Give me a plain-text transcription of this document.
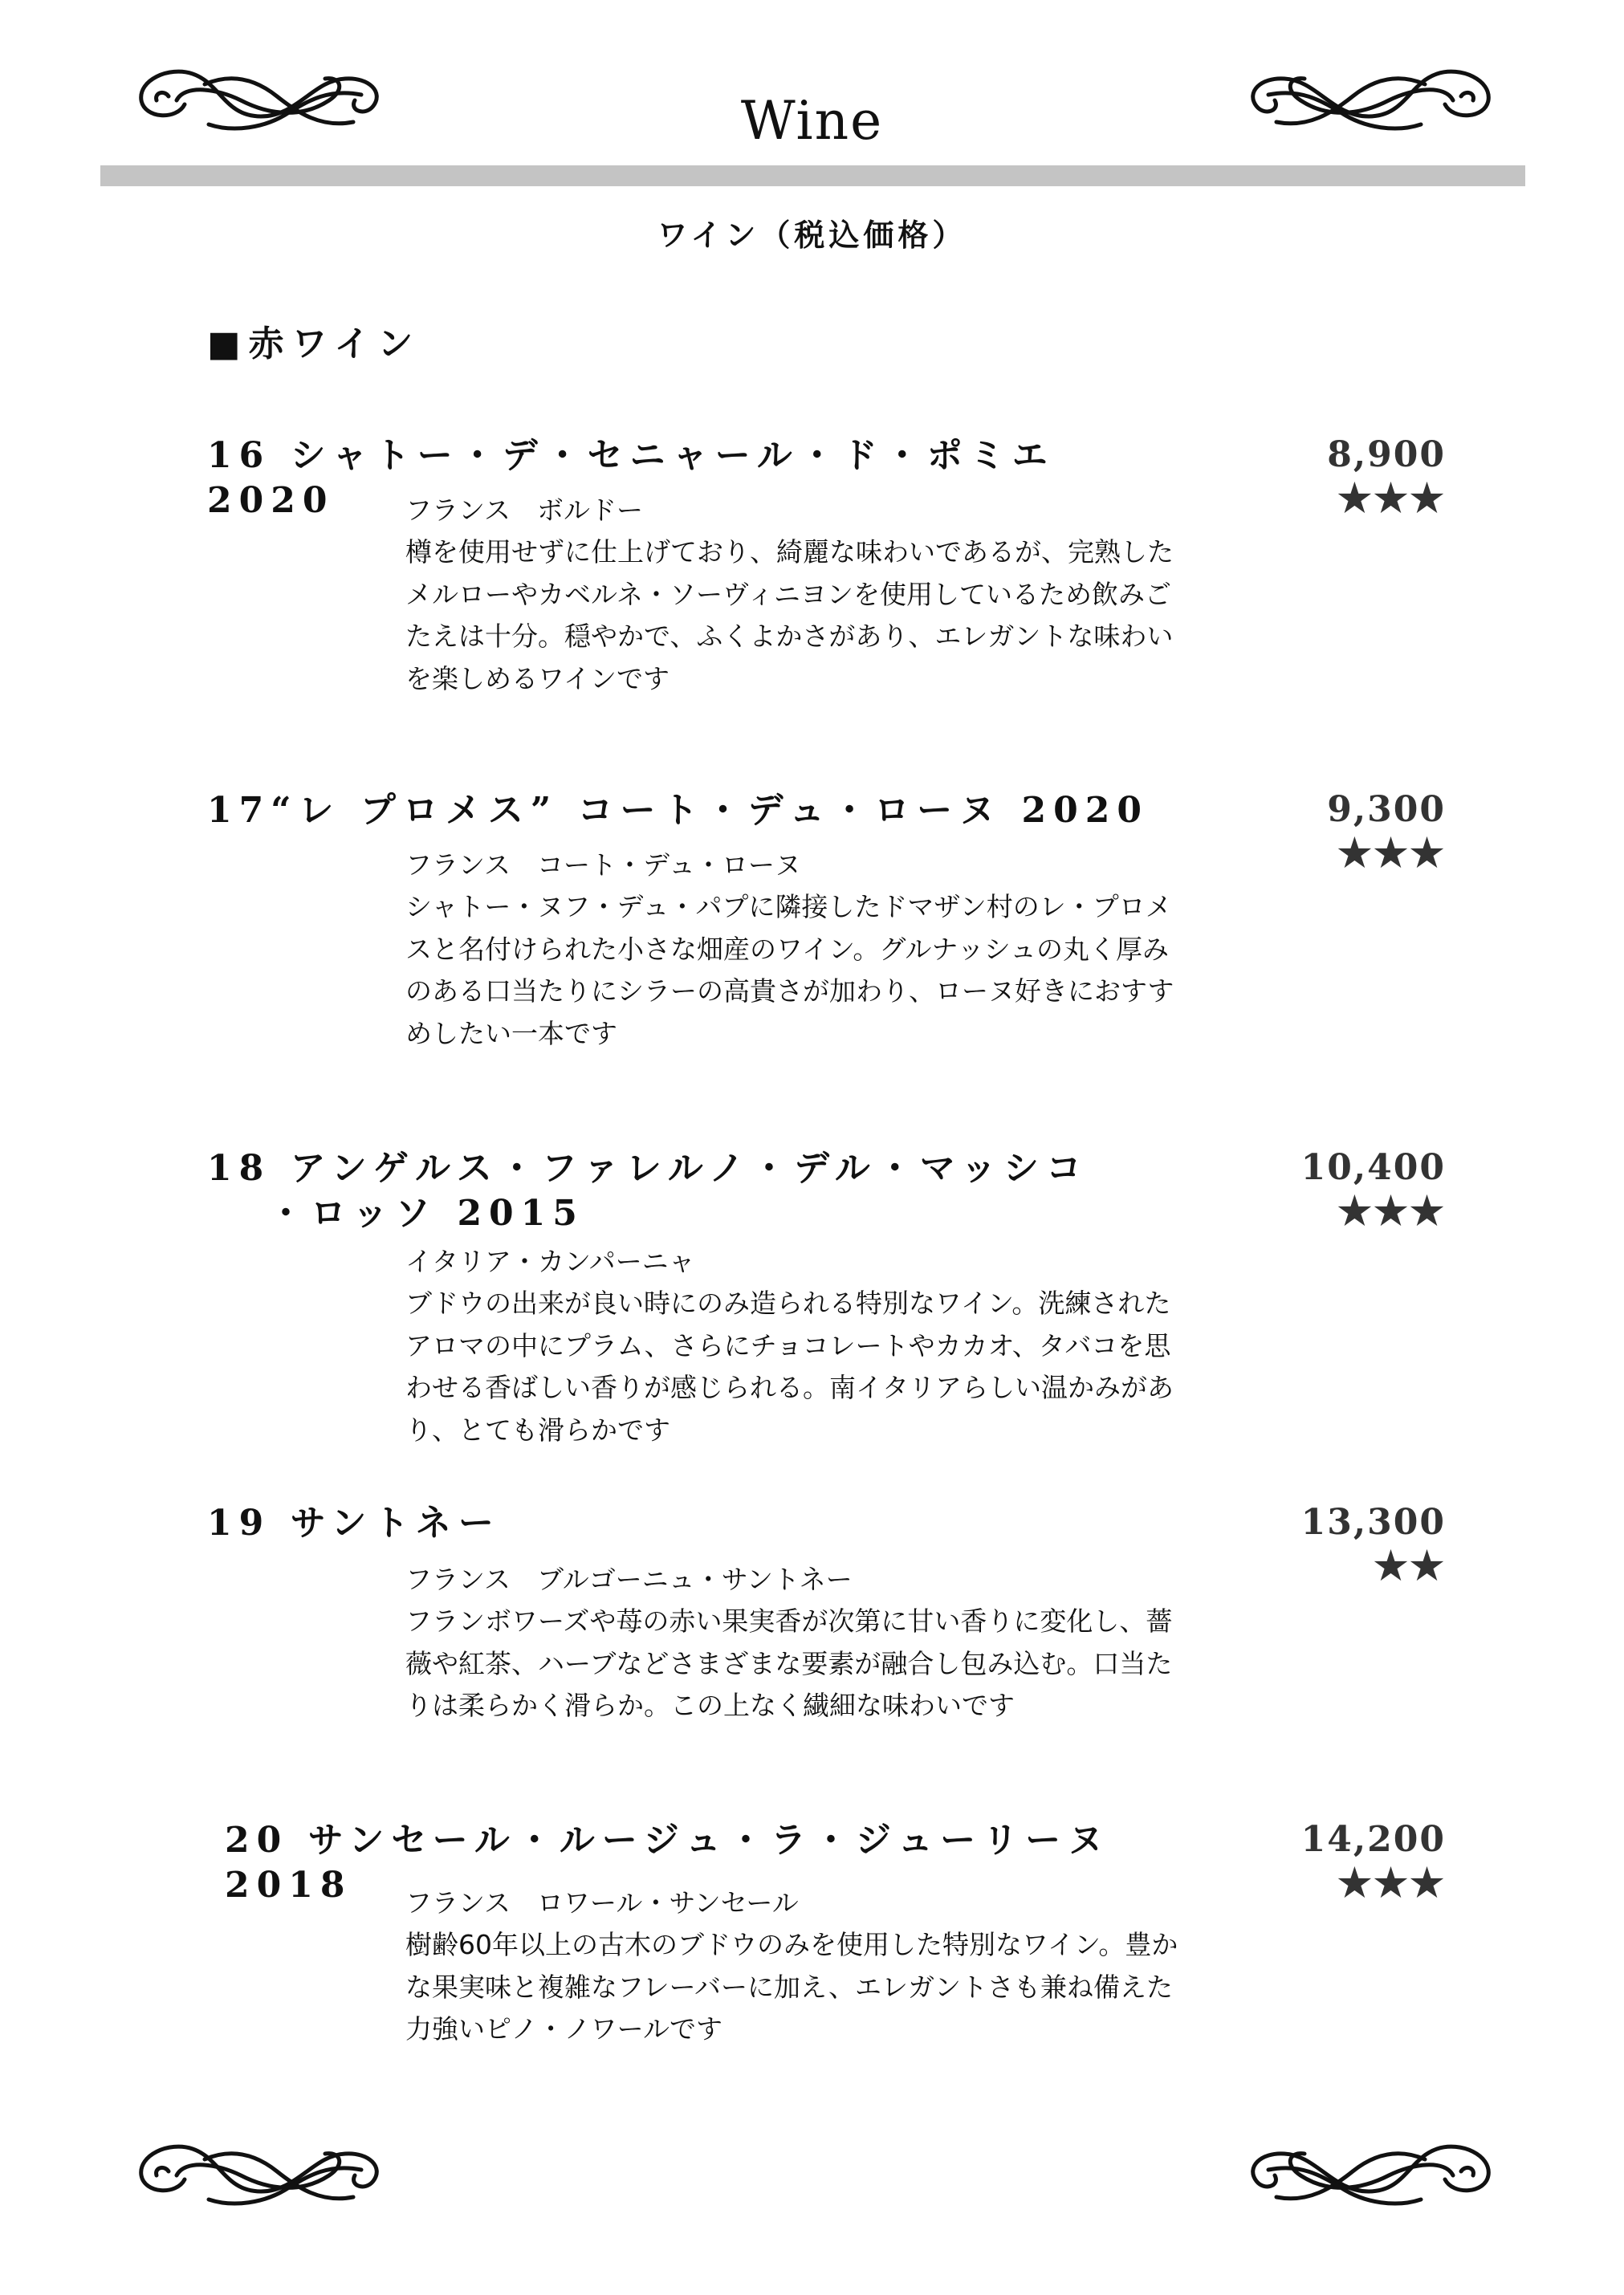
Wine
ワイン（税込価格）
■赤ワイン
16 シャトー・デ・セニャール・ド・ポミエ 2020
8,900
★★★
フランス　ボルドー
樽を使用せずに仕上げており、綺麗な味わいであるが、完熟した
メルローやカベルネ・ソーヴィニヨンを使用しているため飲みご
たえは十分。穏やかで、ふくよかさがあり、エレガントな味わい
を楽しめるワインです
17“レ プロメス” コート・デュ・ローヌ 2020	9,300
★★★
フランス　コート・デュ・ローヌ
シャトー・ヌフ・デュ・パプに隣接したドマザン村のレ・プロメ
スと名付けられた小さな畑産のワイン。グルナッシュの丸く厚み
のある口当たりにシラーの高貴さが加わり、ローヌ好きにおすす
めしたい一本です
18 アンゲルス・ファレルノ・デル・マッシコ
・ロッソ 2015
10,400
★★★
イタリア・カンパーニャ
ブドウの出来が良い時にのみ造られる特別なワイン。洗練された
アロマの中にプラム、さらにチョコレートやカカオ、タバコを思
わせる香ばしい香りが感じられる。南イタリアらしい温かみがあ
り、とても滑らかです
19 サントネー	13,300
★★
フランス　ブルゴーニュ・サントネー
フランボワーズや苺の赤い果実香が次第に甘い香りに変化し、薔
薇や紅茶、ハーブなどさまざまな要素が融合し包み込む。口当た
りは柔らかく滑らか。この上なく繊細な味わいです
20 サンセール・ルージュ・ラ・ジューリーヌ 2018
14,200
★★★
フランス　ロワール・サンセール
樹齢60年以上の古木のブドウのみを使用した特別なワイン。豊か
な果実味と複雑なフレーバーに加え、エレガントさも兼ね備えた
力強いピノ・ノワールです
